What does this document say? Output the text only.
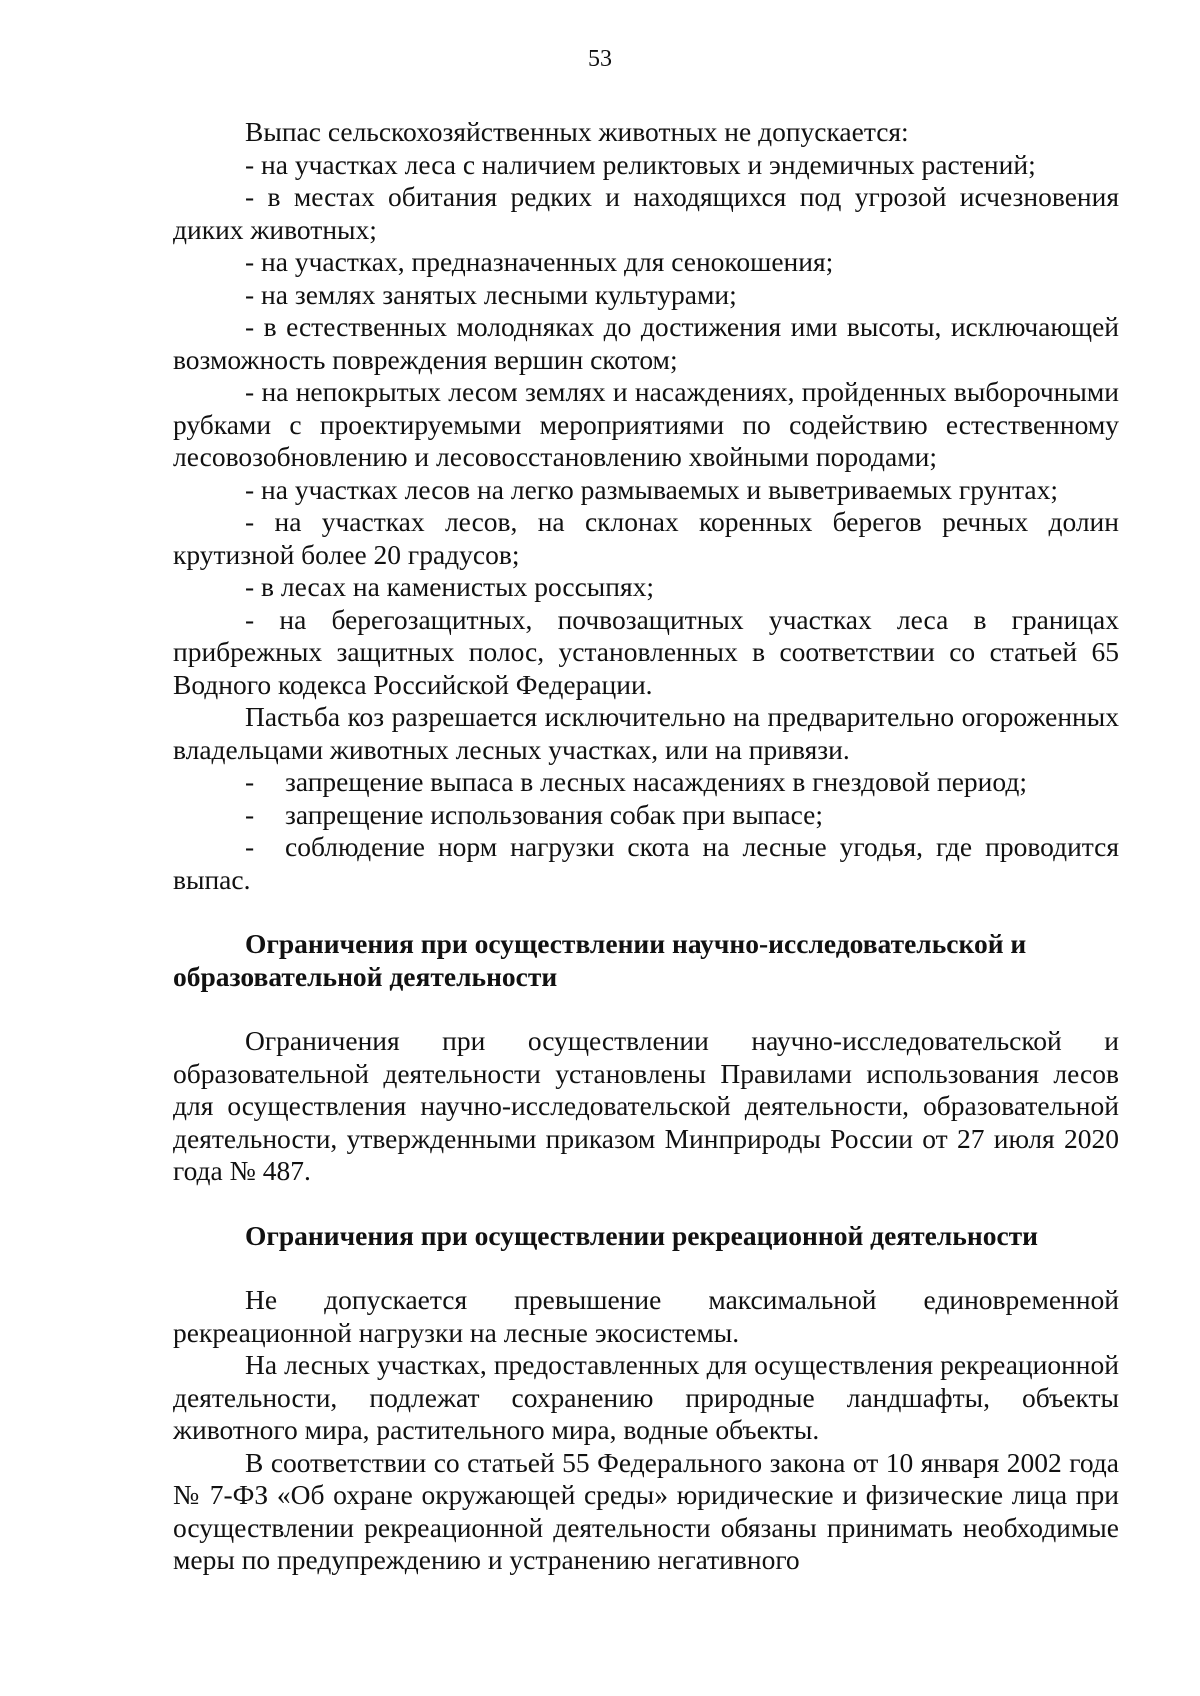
53

Выпас сельскохозяйственных животных не допускается:

- на участках леса с наличием реликтовых и эндемичных растений;

- в местах обитания редких и находящихся под угрозой исчезновения диких животных;

- на участках, предназначенных для сенокошения;

- на землях занятых лесными культурами;

- в естественных молодняках до достижения ими высоты, исключающей возможность повреждения вершин скотом;

- на непокрытых лесом землях и насаждениях, пройденных выборочными рубками с проектируемыми мероприятиями по содействию естественному лесовозобновлению и лесовосстановлению хвойными породами;

- на участках лесов на легко размываемых и выветриваемых грунтах;

- на участках лесов, на склонах коренных берегов речных долин крутизной более 20 градусов;

- в лесах на каменистых россыпях;

- на берегозащитных, почвозащитных участках леса в границах прибрежных защитных полос, установленных в соответствии со статьей 65 Водного кодекса Российской Федерации.

Пастьба коз разрешается исключительно на предварительно огороженных владельцами животных лесных участках, или на привязи.

- запрещение выпаса в лесных насаждениях в гнездовой период;

- запрещение использования собак при выпасе;

- соблюдение норм нагрузки скота на лесные угодья, где проводится выпас.

Ограничения при осуществлении научно-исследовательской и образовательной деятельности

Ограничения при осуществлении научно-исследовательской и образовательной деятельности установлены Правилами использования лесов для осуществления научно-исследовательской деятельности, образовательной деятельности, утвержденными приказом Минприроды России от 27 июля 2020 года № 487.

Ограничения при осуществлении рекреационной деятельности

Не допускается превышение максимальной единовременной рекреационной нагрузки на лесные экосистемы.

На лесных участках, предоставленных для осуществления рекреационной деятельности, подлежат сохранению природные ландшафты, объекты животного мира, растительного мира, водные объекты.

В соответствии со статьей 55 Федерального закона от 10 января 2002 года № 7-ФЗ «Об охране окружающей среды» юридические и физические лица при осуществлении рекреационной деятельности обязаны принимать необходимые меры по предупреждению и устранению негативного
